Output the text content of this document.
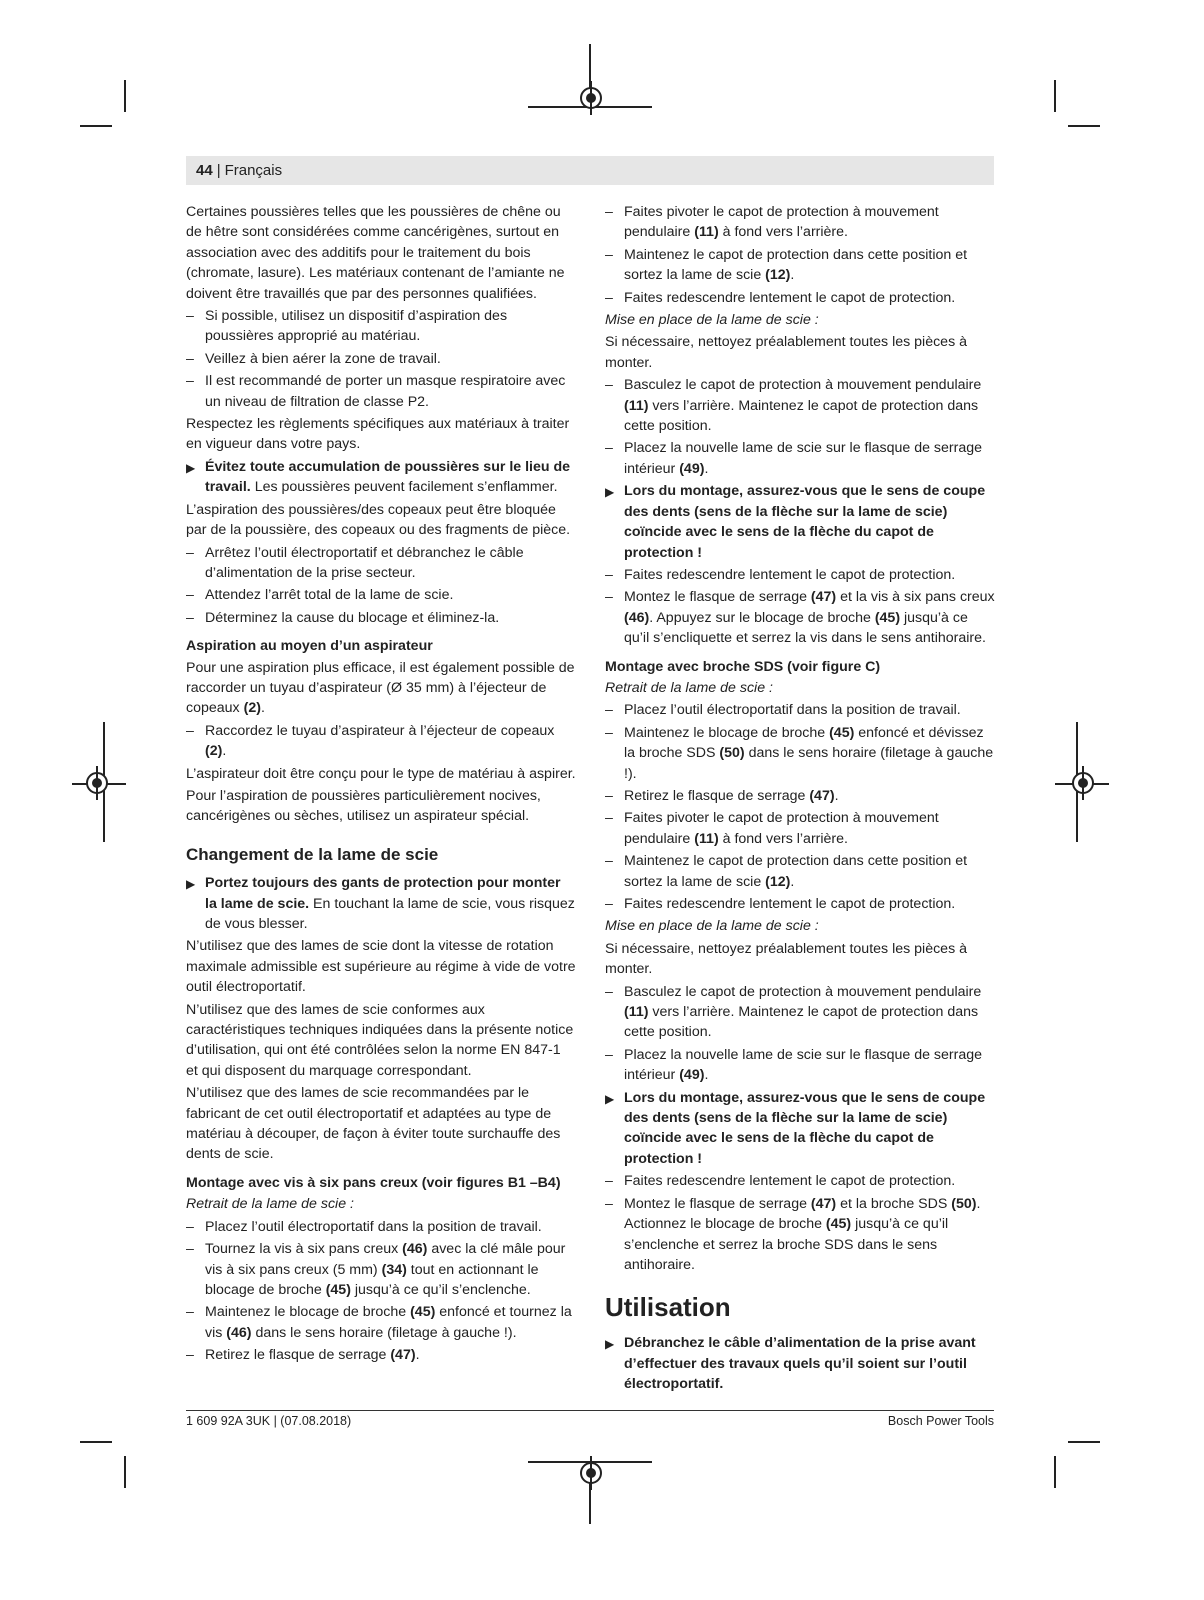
44 | Français

Certaines poussières telles que les poussières de chêne ou de hêtre sont considérées comme cancérigènes, surtout en association avec des additifs pour le traitement du bois (chromate, lasure). Les matériaux contenant de l’amiante ne doivent être travaillés que par des personnes qualifiées.

– Si possible, utilisez un dispositif d’aspiration des poussières approprié au matériau.
– Veillez à bien aérer la zone de travail.
– Il est recommandé de porter un masque respiratoire avec un niveau de filtration de classe P2.

Respectez les règlements spécifiques aux matériaux à traiter en vigueur dans votre pays.

▶ Évitez toute accumulation de poussières sur le lieu de travail. Les poussières peuvent facilement s’enflammer.

L’aspiration des poussières/des copeaux peut être bloquée par de la poussière, des copeaux ou des fragments de pièce.

– Arrêtez l’outil électroportatif et débranchez le câble d’alimentation de la prise secteur.
– Attendez l’arrêt total de la lame de scie.
– Déterminez la cause du blocage et éliminez-la.
Aspiration au moyen d’un aspirateur

Pour une aspiration plus efficace, il est également possible de raccorder un tuyau d’aspirateur (Ø 35 mm) à l’éjecteur de copeaux (2).

– Raccordez le tuyau d’aspirateur à l’éjecteur de copeaux (2).

L’aspirateur doit être conçu pour le type de matériau à aspirer.

Pour l’aspiration de poussières particulièrement nocives, cancérigènes ou sèches, utilisez un aspirateur spécial.

Changement de la lame de scie
▶ Portez toujours des gants de protection pour monter la lame de scie. En touchant la lame de scie, vous risquez de vous blesser.

N’utilisez que des lames de scie dont la vitesse de rotation maximale admissible est supérieure au régime à vide de votre outil électroportatif.

N’utilisez que des lames de scie conformes aux caractéristiques techniques indiquées dans la présente notice d’utilisation, qui ont été contrôlées selon la norme EN 847-1 et qui disposent du marquage correspondant.

N’utilisez que des lames de scie recommandées par le fabricant de cet outil électroportatif et adaptées au type de matériau à découper, de façon à éviter toute surchauffe des dents de scie.

Montage avec vis à six pans creux (voir figures B1 –B4)

Retrait de la lame de scie :

– Placez l’outil électroportatif dans la position de travail.
– Tournez la vis à six pans creux (46) avec la clé mâle pour vis à six pans creux (5 mm) (34) tout en actionnant le blocage de broche (45) jusqu’à ce qu’il s’enclenche.
– Maintenez le blocage de broche (45) enfoncé et tournez la vis (46) dans le sens horaire (filetage à gauche !).
– Retirez le flasque de serrage (47).
– Faites pivoter le capot de protection à mouvement pendulaire (11) à fond vers l’arrière.
– Maintenez le capot de protection dans cette position et sortez la lame de scie (12).
– Faites redescendre lentement le capot de protection.

Mise en place de la lame de scie :

Si nécessaire, nettoyez préalablement toutes les pièces à monter.

– Basculez le capot de protection à mouvement pendulaire (11) vers l’arrière. Maintenez le capot de protection dans cette position.
– Placez la nouvelle lame de scie sur le flasque de serrage intérieur (49).
▶ Lors du montage, assurez-vous que le sens de coupe des dents (sens de la flèche sur la lame de scie) coïncide avec le sens de la flèche du capot de protection !
– Faites redescendre lentement le capot de protection.
– Montez le flasque de serrage (47) et la vis à six pans creux (46). Appuyez sur le blocage de broche (45) jusqu’à ce qu’il s’encliquette et serrez la vis dans le sens antihoraire.
Montage avec broche SDS (voir figure C)

Retrait de la lame de scie :

– Placez l’outil électroportatif dans la position de travail.
– Maintenez le blocage de broche (45) enfoncé et dévissez la broche SDS (50) dans le sens horaire (filetage à gauche !).
– Retirez le flasque de serrage (47).
– Faites pivoter le capot de protection à mouvement pendulaire (11) à fond vers l’arrière.
– Maintenez le capot de protection dans cette position et sortez la lame de scie (12).
– Faites redescendre lentement le capot de protection.

Mise en place de la lame de scie :

Si nécessaire, nettoyez préalablement toutes les pièces à monter.

– Basculez le capot de protection à mouvement pendulaire (11) vers l’arrière. Maintenez le capot de protection dans cette position.
– Placez la nouvelle lame de scie sur le flasque de serrage intérieur (49).
▶ Lors du montage, assurez-vous que le sens de coupe des dents (sens de la flèche sur la lame de scie) coïncide avec le sens de la flèche du capot de protection !
– Faites redescendre lentement le capot de protection.
– Montez le flasque de serrage (47) et la broche SDS (50). Actionnez le blocage de broche (45) jusqu’à ce qu’il s’enclenche et serrez la broche SDS dans le sens antihoraire.
Utilisation
▶ Débranchez le câble d’alimentation de la prise avant d’effectuer des travaux quels qu’il soient sur l’outil électroportatif.
1 609 92A 3UK | (07.08.2018)	Bosch Power Tools
